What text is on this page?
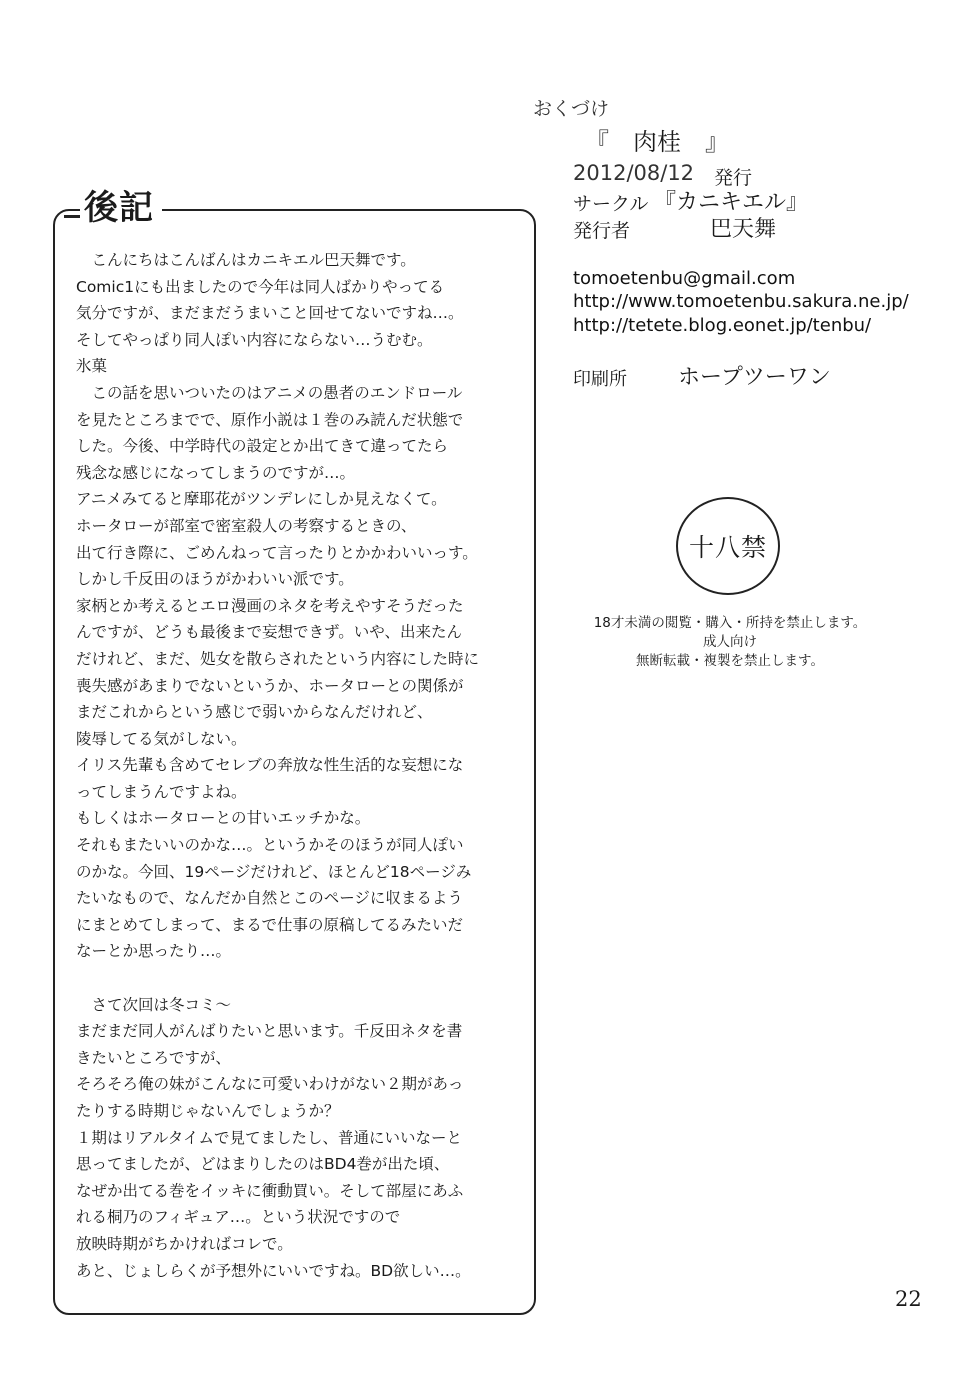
後記
　こんにちはこんばんはカニキエル巴天舞です。
Comic1にも出ましたので今年は同人ばかりやってる
気分ですが、まだまだうまいこと回せてないですね…。
そしてやっぱり同人ぽい内容にならない…うむむ。
氷菓
　この話を思いついたのはアニメの愚者のエンドロール
を見たところまでで、原作小説は１巻のみ読んだ状態で
した。今後、中学時代の設定とか出てきて違ってたら
残念な感じになってしまうのですが…。
アニメみてると摩耶花がツンデレにしか見えなくて。
ホータローが部室で密室殺人の考察するときの、
出て行き際に、ごめんねって言ったりとかかわいいっす。
しかし千反田のほうがかわいい派です。
家柄とか考えるとエロ漫画のネタを考えやすそうだった
んですが、どうも最後まで妄想できず。いや、出来たん
だけれど、まだ、処女を散らされたという内容にした時に
喪失感があまりでないというか、ホータローとの関係が
まだこれからという感じで弱いからなんだけれど、
陵辱してる気がしない。
イリス先輩も含めてセレブの奔放な性生活的な妄想にな
ってしまうんですよね。
もしくはホータローとの甘いエッチかな。
それもまたいいのかな…。というかそのほうが同人ぽい
のかな。今回、19ページだけれど、ほとんど18ページみ
たいなもので、なんだか自然とこのページに収まるよう
にまとめてしまって、まるで仕事の原稿してるみたいだ
なーとか思ったり…。
　さて次回は冬コミ～
まだまだ同人がんばりたいと思います。千反田ネタを書
きたいところですが、
そろそろ俺の妹がこんなに可愛いわけがない２期があっ
たりする時期じゃないんでしょうか？
１期はリアルタイムで見てましたし、普通にいいなーと
思ってましたが、どはまりしたのはBD4巻が出た頃、
なぜか出てる巻をイッキに衝動買い。そして部屋にあふ
れる桐乃のフィギュア…。という状況ですので
放映時期がちかければコレで。
あと、じょしらくが予想外にいいですね。BD欲しい…。
おくづけ
『　肉桂　』
2012/08/12 発行
サークル 『カニキエル』
発行者	巴天舞
tomoetenbu@gmail.com
http://www.tomoetenbu.sakura.ne.jp/
http://tetete.blog.eonet.jp/tenbu/
印刷所 ホープツーワン
十八禁
18才未満の閲覧・購入・所持を禁止します。
成人向け
無断転載・複製を禁止します。
22
